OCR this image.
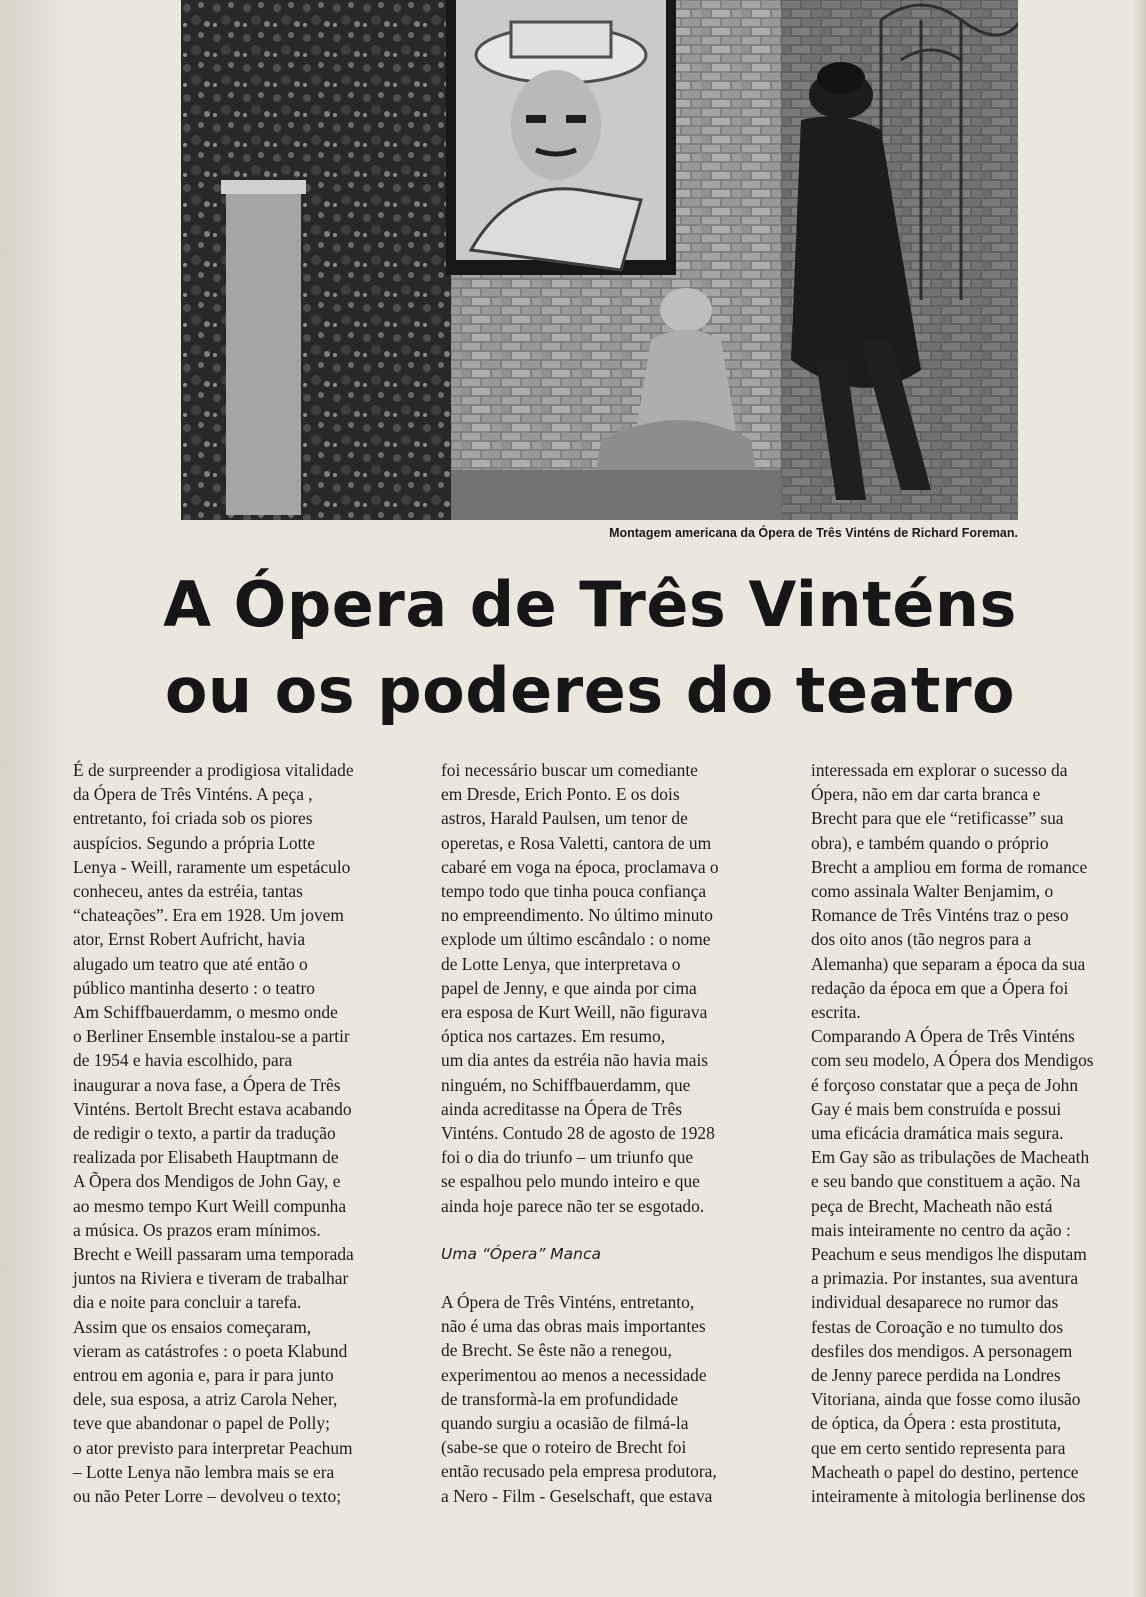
Montagem americana da Ópera de Três Vinténs de Richard Foreman.
A Ópera de Três Vinténs
ou os poderes do teatro

É de surpreender a prodigiosa vitalidade
da Ópera de Três Vinténs. A peça ,
entretanto, foi criada sob os piores
auspícios. Segundo a própria Lotte
Lenya - Weill, raramente um espetáculo
conheceu, antes da estréia, tantas
“chateações”. Era em 1928. Um jovem
ator, Ernst Robert Aufricht, havia
alugado um teatro que até então o
público mantinha deserto : o teatro
Am Schiffbauerdamm, o mesmo onde
o Berliner Ensemble instalou-se a partir
de 1954 e havia escolhido, para
inaugurar a nova fase, a Ópera de Três
Vinténs. Bertolt Brecht estava acabando
de redigir o texto, a partir da tradução
realizada por Elisabeth Hauptmann de
A Õpera dos Mendigos de John Gay, e
ao mesmo tempo Kurt Weill compunha
a música. Os prazos eram mínimos.
Brecht e Weill passaram uma temporada
juntos na Riviera e tiveram de trabalhar
dia e noite para concluir a tarefa.
Assim que os ensaios começaram,
vieram as catástrofes : o poeta Klabund
entrou em agonia e, para ir para junto
dele, sua esposa, a atriz Carola Neher,
teve que abandonar o papel de Polly;
o ator previsto para interpretar Peachum
– Lotte Lenya não lembra mais se era
ou não Peter Lorre – devolveu o texto;

foi necessário buscar um comediante
em Dresde, Erich Ponto. E os dois
astros, Harald Paulsen, um tenor de
operetas, e Rosa Valetti, cantora de um
cabaré em voga na época, proclamava o
tempo todo que tinha pouca confiança
no empreendimento. No último minuto
explode um último escândalo : o nome
de Lotte Lenya, que interpretava o
papel de Jenny, e que ainda por cima
era esposa de Kurt Weill, não figurava
óptica nos cartazes. Em resumo,
um dia antes da estréia não havia mais
ninguém, no Schiffbauerdamm, que
ainda acreditasse na Ópera de Três
Vinténs. Contudo 28 de agosto de 1928
foi o dia do triunfo – um triunfo que
se espalhou pelo mundo inteiro e que
ainda hoje parece não ter se esgotado.

Uma “Ópera” Manca

A Ópera de Três Vinténs, entretanto,
não é uma das obras mais importantes
de Brecht. Se êste não a renegou,
experimentou ao menos a necessidade
de transformà-la em profundidade
quando surgiu a ocasião de filmá-la
(sabe-se que o roteiro de Brecht foi
então recusado pela empresa produtora,
a Nero - Film - Geselschaft, que estava

interessada em explorar o sucesso da
Ópera, não em dar carta branca e
Brecht para que ele “retificasse” sua
obra), e também quando o próprio
Brecht a ampliou em forma de romance
como assinala Walter Benjamim, o
Romance de Três Vinténs traz o peso
dos oito anos (tão negros para a
Alemanha) que separam a época da sua
redação da época em que a Ópera foi
escrita.
Comparando A Ópera de Três Vinténs
com seu modelo, A Ópera dos Mendigos
é forçoso constatar que a peça de John
Gay é mais bem construída e possui
uma eficácia dramática mais segura.
Em Gay são as tribulações de Macheath
e seu bando que constituem a ação. Na
peça de Brecht, Macheath não está
mais inteiramente no centro da ação :
Peachum e seus mendigos lhe disputam
a primazia. Por instantes, sua aventura
individual desaparece no rumor das
festas de Coroação e no tumulto dos
desfiles dos mendigos. A personagem
de Jenny parece perdida na Londres
Vitoriana, ainda que fosse como ilusão
de óptica, da Ópera : esta prostituta,
que em certo sentido representa para
Macheath o papel do destino, pertence
inteiramente à mitologia berlinense dos
